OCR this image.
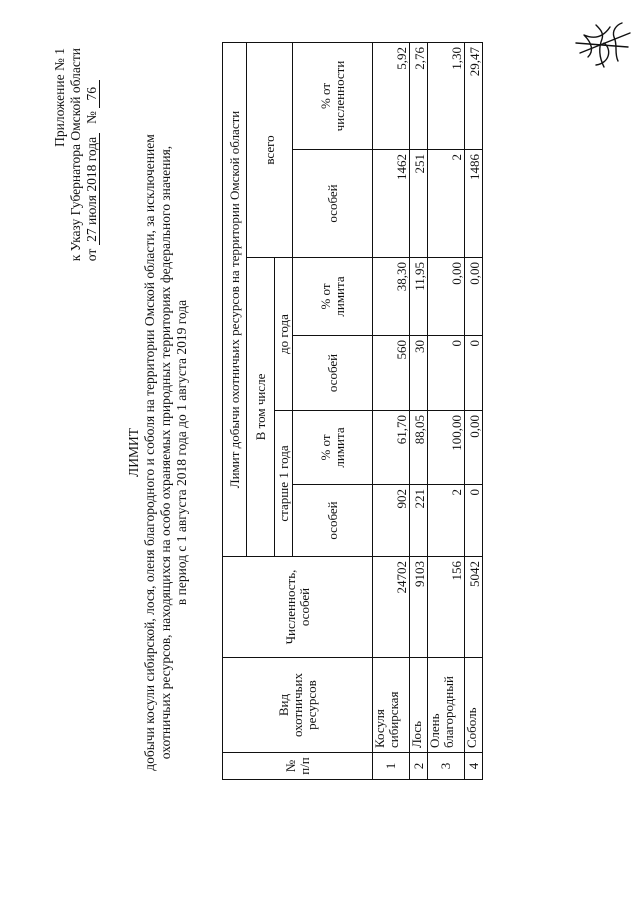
Приложение № 1 к Указу Губернатора Омской области от 27 июля 2018 года № 76
ЛИМИТ добычи косули сибирской, лося, оленя благородного и соболя на территории Омской области, за исключением охотничьих ресурсов, находящихся на особо охраняемых природных территориях федерального значения, в период с 1 августа 2018 года до 1 августа 2019 года
№ п/п	Вид охотничьих ресурсов	Численность, особей	Лимит добычи охотничьих ресурсов на территории Омской области					
			В том числе				всего	
			старше 1 года		до года			
			особей	% от лимита	особей	% от лимита	особей	% от численности
1	Косуля сибирская	24702	902	61,70	560	38,30	1462	5,92
2	Лось	9103	221	88,05	30	11,95	251	2,76
3	Олень благородный	156	2	100,00	0	0,00	2	1,30
4	Соболь	5042	0	0,00	0	0,00	1486	29,47
